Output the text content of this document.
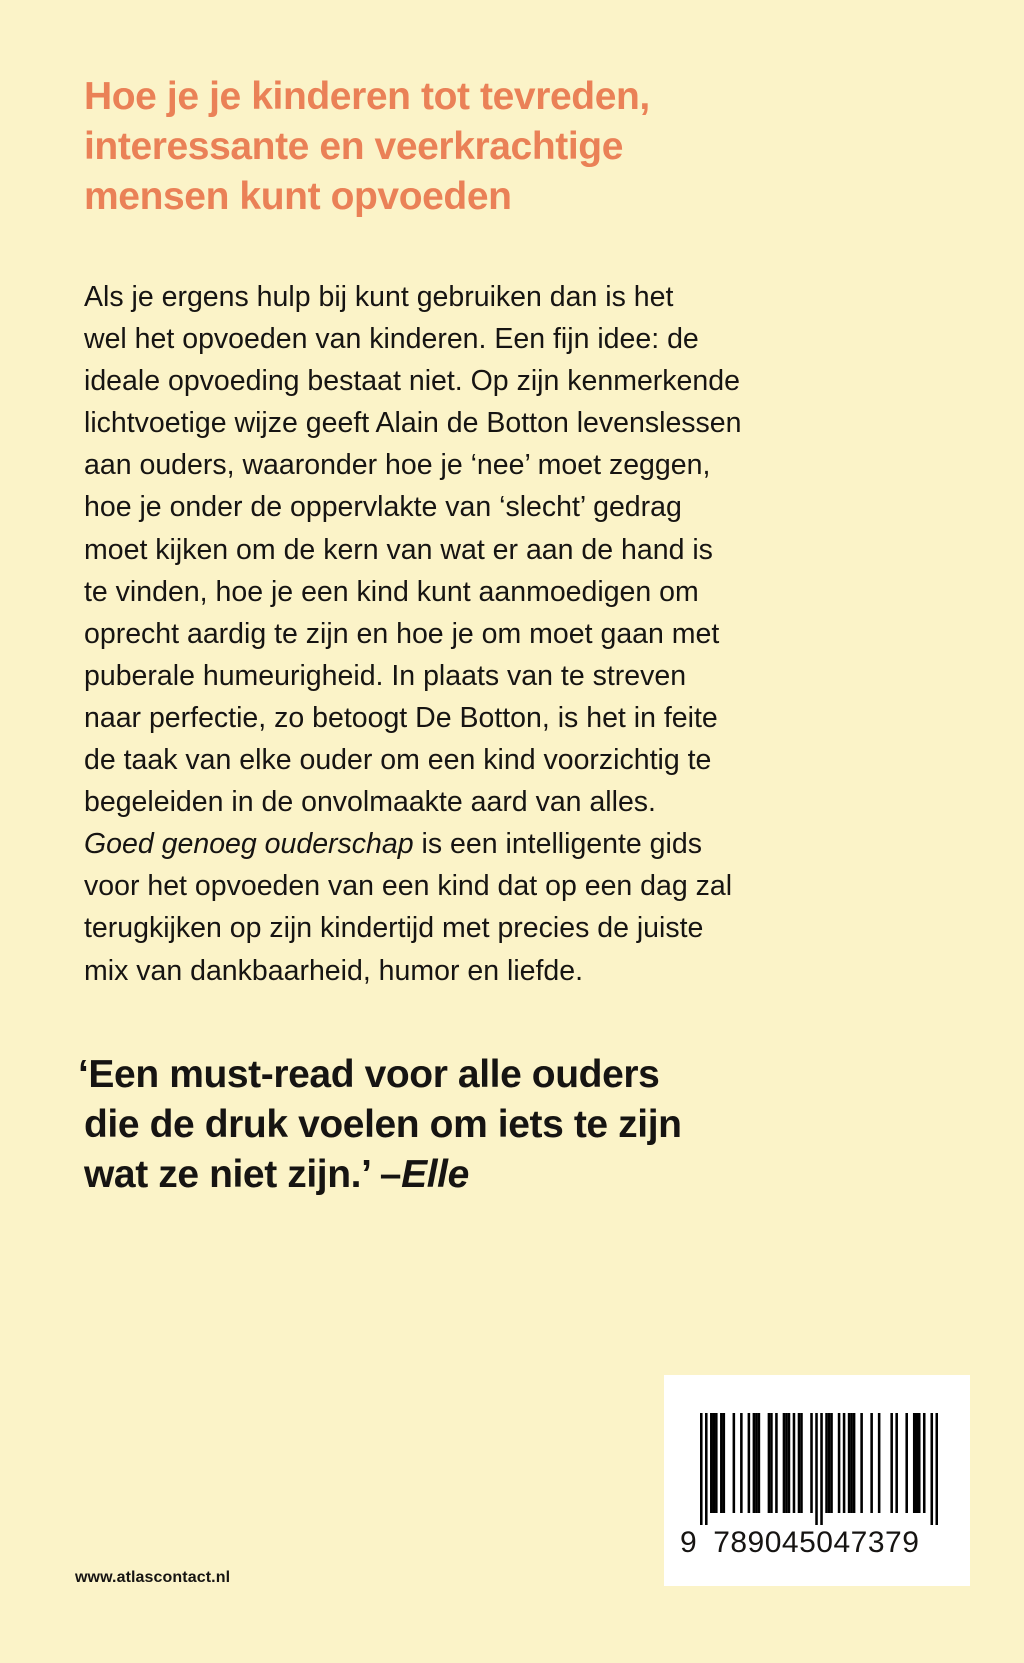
Hoe je je kinderen tot tevreden,
interessante en veerkrachtige
mensen kunt opvoeden

Als je ergens hulp bij kunt gebruiken dan is het
wel het opvoeden van kinderen. Een fijn idee: de
ideale opvoeding bestaat niet. Op zijn kenmerkende
lichtvoetige wijze geeft Alain de Botton levenslessen
aan ouders, waaronder hoe je ‘nee’ moet zeggen,
hoe je onder de oppervlakte van ‘slecht’ gedrag
moet kijken om de kern van wat er aan de hand is
te vinden, hoe je een kind kunt aanmoedigen om
oprecht aardig te zijn en hoe je om moet gaan met
puberale humeurigheid. In plaats van te streven
naar perfectie, zo betoogt De Botton, is het in feite
de taak van elke ouder om een kind voorzichtig te
begeleiden in de onvolmaakte aard van alles.
Goed genoeg ouderschap is een intelligente gids
voor het opvoeden van een kind dat op een dag zal
terugkijken op zijn kindertijd met precies de juiste
mix van dankbaarheid, humor en liefde.

‘Een must-read voor alle ouders
die de druk voelen om iets te zijn
wat ze niet zijn.’ –Elle
www.atlascontact.nl
9 789045047379
